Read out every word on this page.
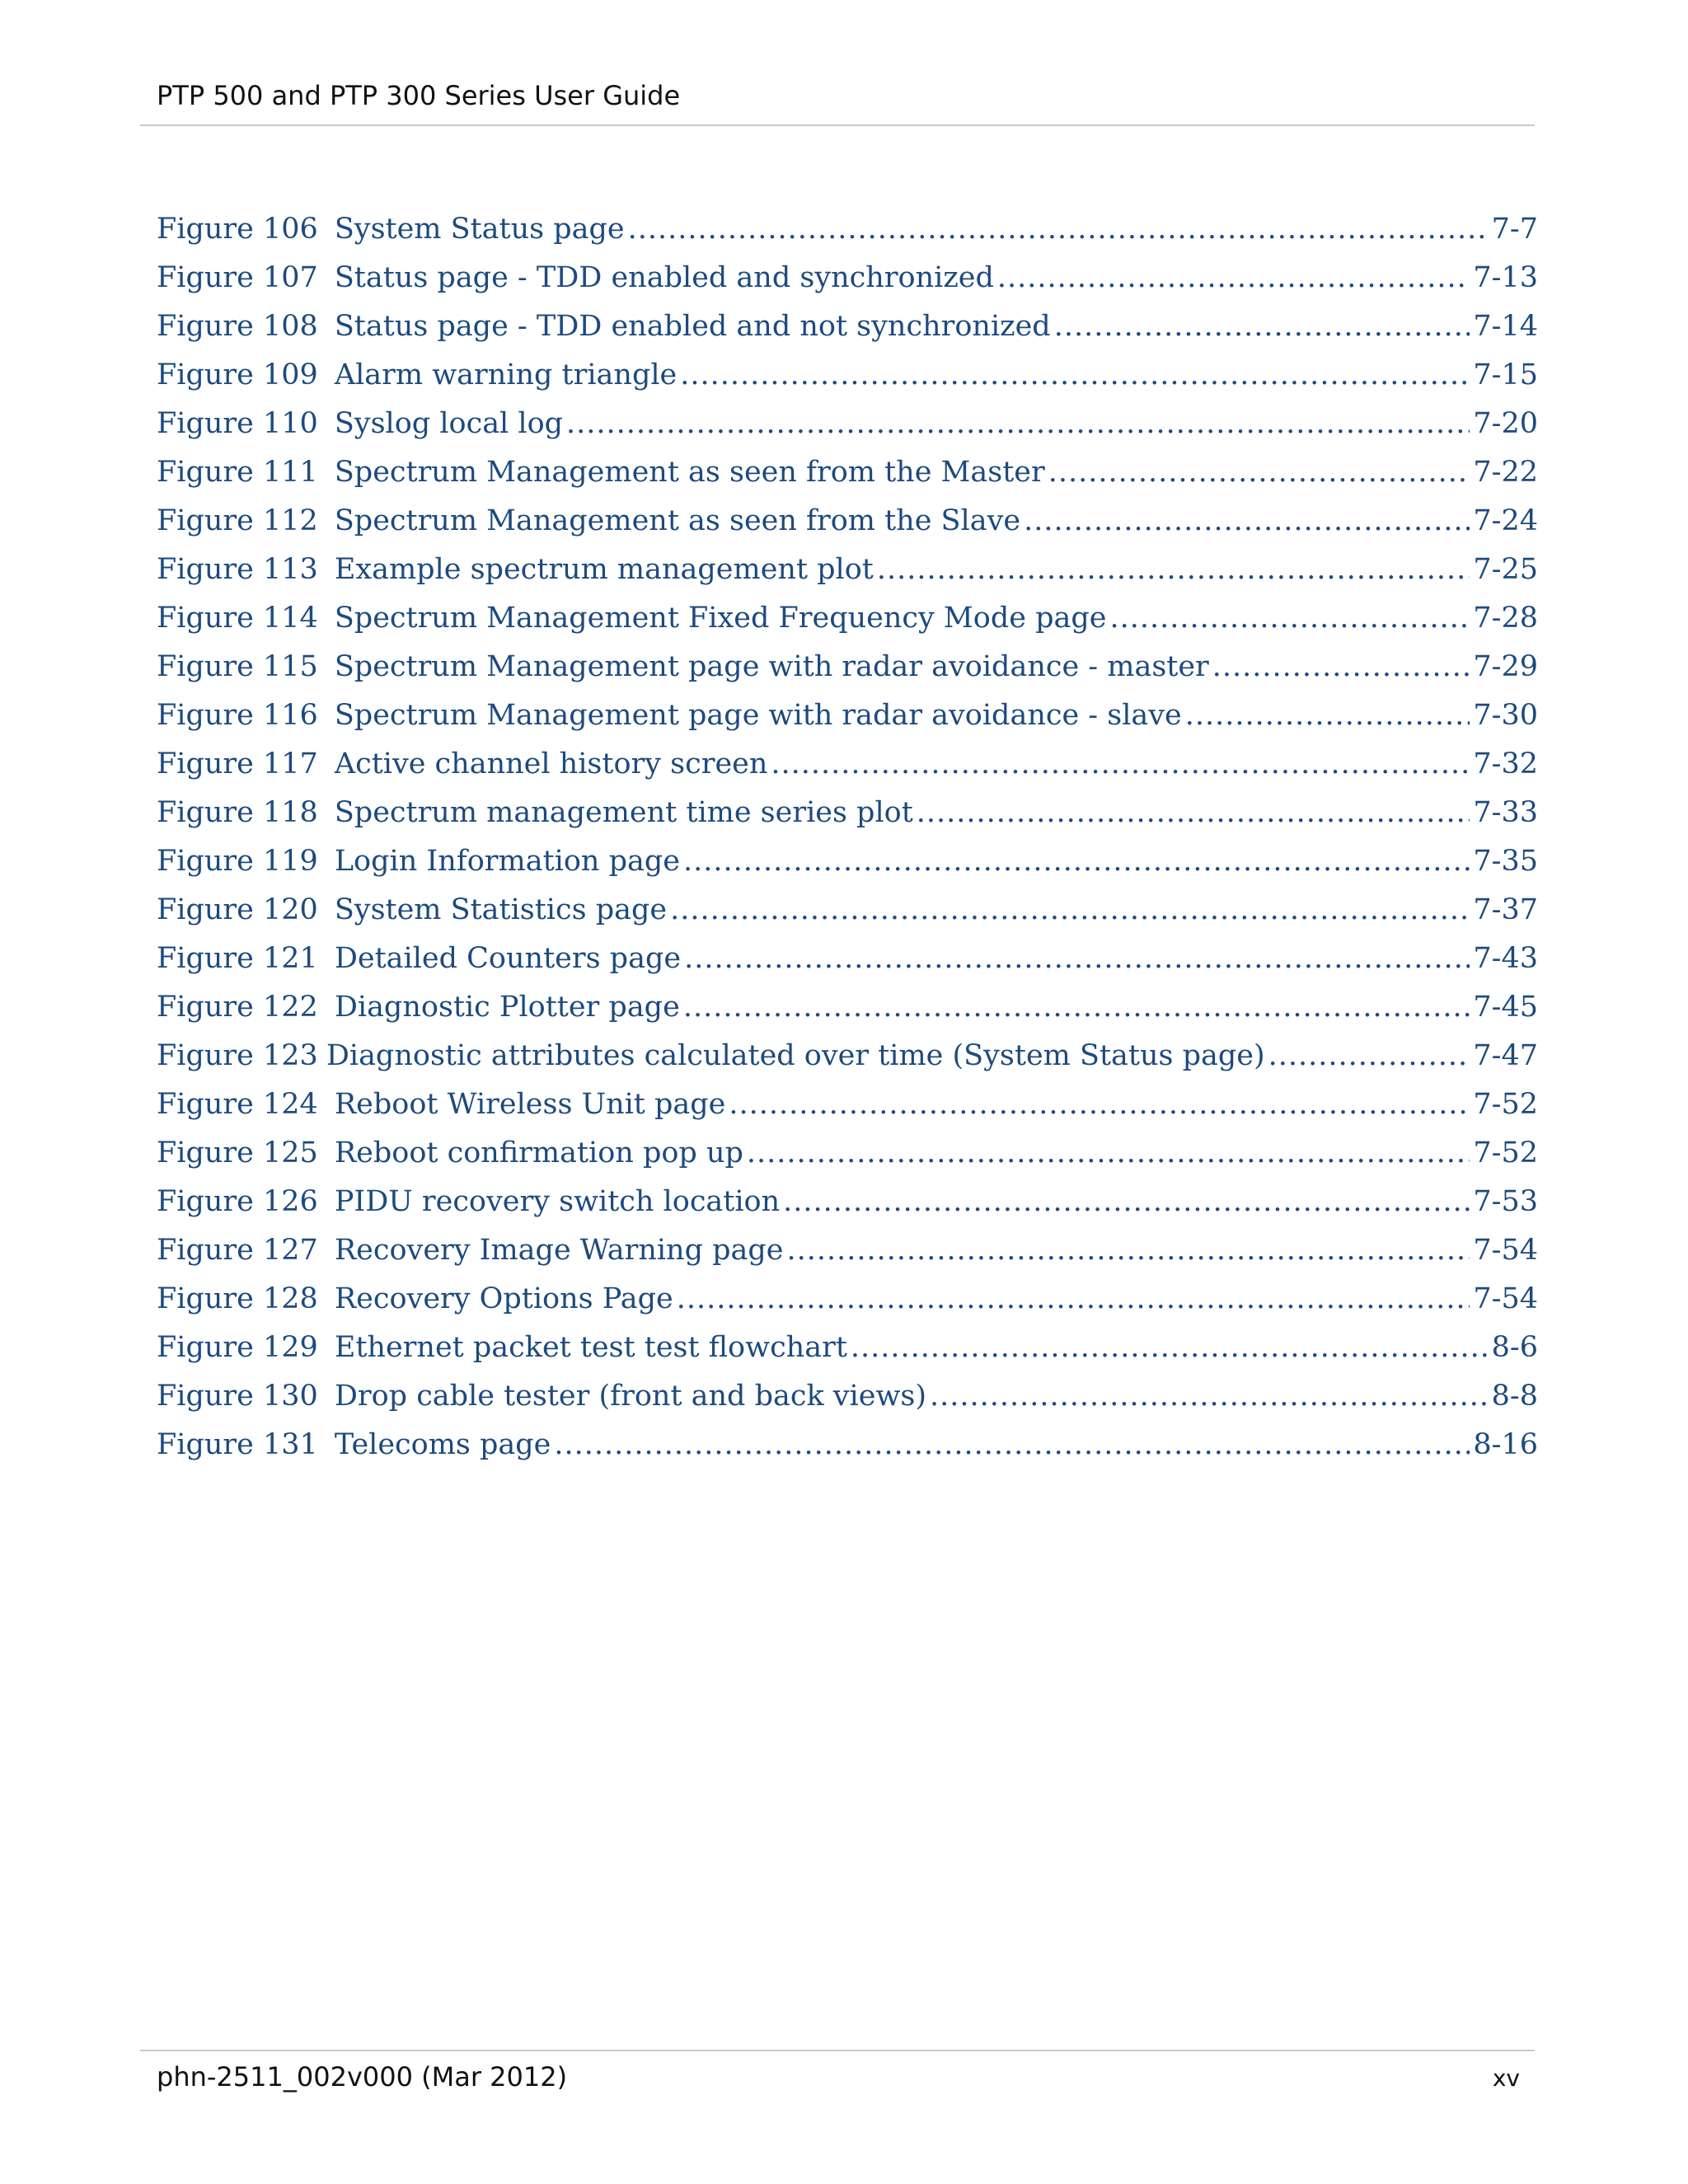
PTP 500 and PTP 300 Series User Guide
Figure 106 System Status page .....	7-7
Figure 107 Status page - TDD enabled and synchronized .....	7-13
Figure 108 Status page - TDD enabled and not synchronized .....	7-14
Figure 109 Alarm warning triangle .....	7-15
Figure 110 Syslog local log .....	7-20
Figure 111 Spectrum Management as seen from the Master .....	7-22
Figure 112 Spectrum Management as seen from the Slave .....	7-24
Figure 113 Example spectrum management plot .....	7-25
Figure 114 Spectrum Management Fixed Frequency Mode page .....	7-28
Figure 115 Spectrum Management page with radar avoidance - master .....	7-29
Figure 116 Spectrum Management page with radar avoidance - slave .....	7-30
Figure 117 Active channel history screen .....	7-32
Figure 118 Spectrum management time series plot .....	7-33
Figure 119 Login Information page .....	7-35
Figure 120 System Statistics page .....	7-37
Figure 121 Detailed Counters page .....	7-43
Figure 122 Diagnostic Plotter page .....	7-45
Figure 123 Diagnostic attributes calculated over time (System Status page) .....	7-47
Figure 124 Reboot Wireless Unit page .....	7-52
Figure 125 Reboot confirmation pop up .....	7-52
Figure 126 PIDU recovery switch location .....	7-53
Figure 127 Recovery Image Warning page .....	7-54
Figure 128 Recovery Options Page .....	7-54
Figure 129 Ethernet packet test test flowchart .....	8-6
Figure 130 Drop cable tester (front and back views) .....	8-8
Figure 131 Telecoms page .....	8-16
phn-2511_002v000 (Mar 2012)	xv
